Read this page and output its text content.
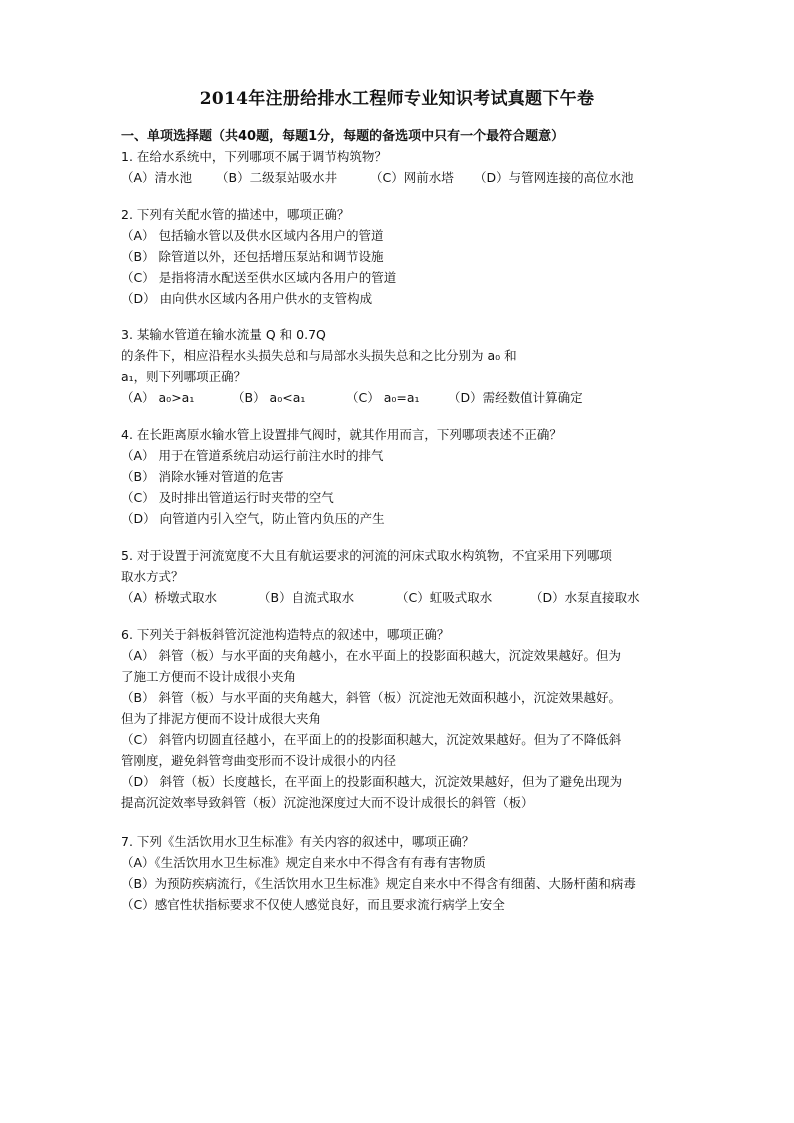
2014年注册给排水工程师专业知识考试真题下午卷
一、单项选择题（共40题，每题1分，每题的备选项中只有一个最符合题意）
1. 在给水系统中，下列哪项不属于调节构筑物？
（A）清水池 （B）二级泵站吸水井	（C）网前水塔 （D）与管网连接的高位水池
2. 下列有关配水管的描述中，哪项正确？
（A） 包括输水管以及供水区域内各用户的管道
（B） 除管道以外，还包括增压泵站和调节设施
（C） 是指将清水配送至供水区域内各用户的管道
（D） 由向供水区域内各用户供水的支管构成
3. 某输水管道在输水流量 Q 和 0.7Q
的条件下，相应沿程水头损失总和与局部水头损失总和之比分别为 a₀ 和
a₁，则下列哪项正确？
（A） a₀>a₁	（B） a₀<a₁	（C） a₀=a₁ （D）需经数值计算确定
4. 在长距离原水输水管上设置排气阀时，就其作用而言，下列哪项表述不正确？
（A） 用于在管道系统启动运行前注水时的排气
（B） 消除水锤对管道的危害
（C） 及时排出管道运行时夹带的空气
（D） 向管道内引入空气，防止管内负压的产生
5. 对于设置于河流宽度不大且有航运要求的河流的河床式取水构筑物，不宜采用下列哪项
取水方式？
（A）桥墩式取水	（B）自流式取水	（C）虹吸式取水	（D）水泵直接取水
6. 下列关于斜板斜管沉淀池构造特点的叙述中，哪项正确？
（A） 斜管（板）与水平面的夹角越小，在水平面上的投影面积越大，沉淀效果越好。但为
了施工方便而不设计成很小夹角
（B） 斜管（板）与水平面的夹角越大，斜管（板）沉淀池无效面积越小，沉淀效果越好。
但为了排泥方便而不设计成很大夹角
（C） 斜管内切圆直径越小，在平面上的的投影面积越大，沉淀效果越好。但为了不降低斜
管刚度，避免斜管弯曲变形而不设计成很小的内径
（D） 斜管（板）长度越长，在平面上的投影面积越大，沉淀效果越好，但为了避免出现为
提高沉淀效率导致斜管（板）沉淀池深度过大而不设计成很长的斜管（板）
7. 下列《生活饮用水卫生标准》有关内容的叙述中，哪项正确？
（A）《生活饮用水卫生标准》规定自来水中不得含有有毒有害物质
（B）为预防疾病流行，《生活饮用水卫生标准》规定自来水中不得含有细菌、大肠杆菌和病毒
（C）感官性状指标要求不仅使人感觉良好，而且要求流行病学上安全
